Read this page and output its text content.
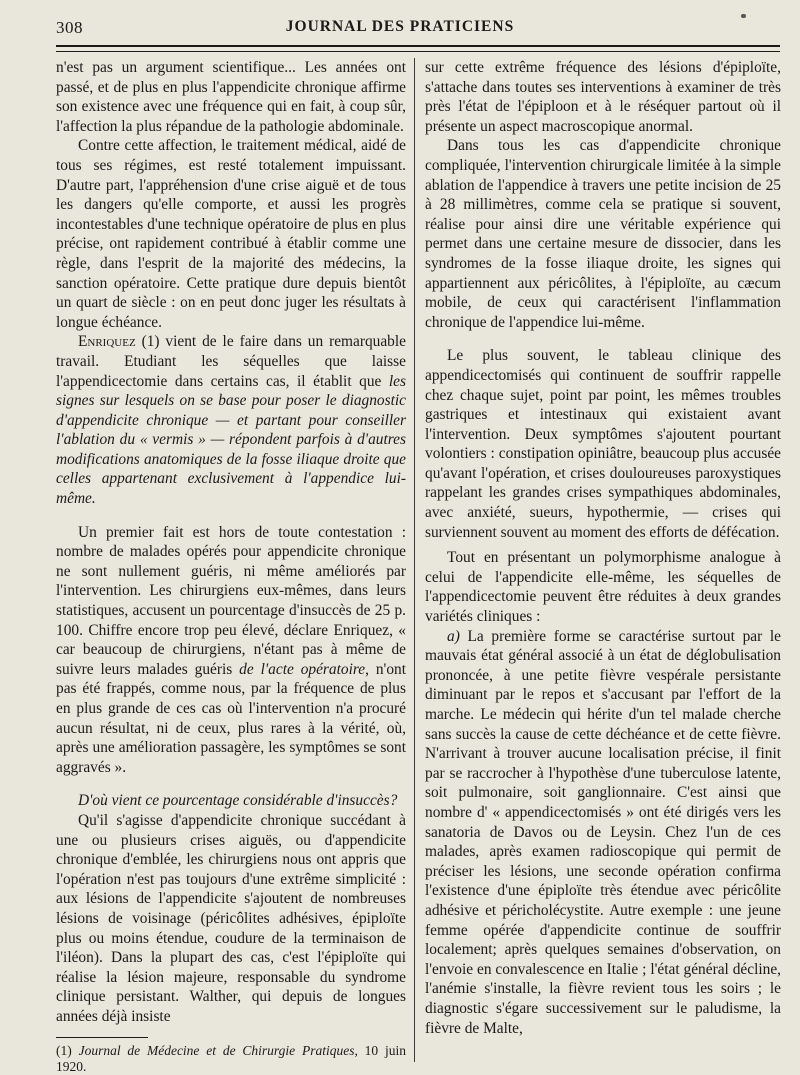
308	JOURNAL DES PRATICIENS

n'est pas un argument scientifique... Les années ont passé, et de plus en plus l'appendicite chronique affirme son existence avec une fréquence qui en fait, à coup sûr, l'affection la plus répandue de la pathologie abdominale.

Contre cette affection, le traitement médical, aidé de tous ses régimes, est resté totalement impuissant. D'autre part, l'appréhension d'une crise aiguë et de tous les dangers qu'elle comporte, et aussi les progrès incontestables d'une technique opératoire de plus en plus précise, ont rapidement contribué à établir comme une règle, dans l'esprit de la majorité des médecins, la sanction opératoire. Cette pratique dure depuis bientôt un quart de siècle : on en peut donc juger les résultats à longue échéance.

Enriquez (1) vient de le faire dans un remarquable travail. Etudiant les séquelles que laisse l'appendicectomie dans certains cas, il établit que les signes sur lesquels on se base pour poser le diagnostic d'appendicite chronique — et partant pour conseiller l'ablation du « vermis » — répondent parfois à d'autres modifications anatomiques de la fosse iliaque droite que celles appartenant exclusivement à l'appendice lui-même.

Un premier fait est hors de toute contestation : nombre de malades opérés pour appendicite chronique ne sont nullement guéris, ni même améliorés par l'intervention. Les chirurgiens eux-mêmes, dans leurs statistiques, accusent un pourcentage d'insuccès de 25 p. 100. Chiffre encore trop peu élevé, déclare Enriquez, « car beaucoup de chirurgiens, n'étant pas à même de suivre leurs malades guéris de l'acte opératoire, n'ont pas été frappés, comme nous, par la fréquence de plus en plus grande de ces cas où l'intervention n'a procuré aucun résultat, ni de ceux, plus rares à la vérité, où, après une amélioration passagère, les symptômes se sont aggravés ».

D'où vient ce pourcentage considérable d'insuccès?

Qu'il s'agisse d'appendicite chronique succédant à une ou plusieurs crises aiguës, ou d'appendicite chronique d'emblée, les chirurgiens nous ont appris que l'opération n'est pas toujours d'une extrême simplicité : aux lésions de l'appendicite s'ajoutent de nombreuses lésions de voisinage (péricôlites adhésives, épiploïte plus ou moins étendue, coudure de la terminaison de l'iléon). Dans la plupart des cas, c'est l'épiploïte qui réalise la lésion majeure, responsable du syndrome clinique persistant. Walther, qui depuis de longues années déjà insiste

(1) Journal de Médecine et de Chirurgie Pratiques, 10 juin 1920.

sur cette extrême fréquence des lésions d'épiploïte, s'attache dans toutes ses interventions à examiner de très près l'état de l'épiploon et à le réséquer partout où il présente un aspect macroscopique anormal.

Dans tous les cas d'appendicite chronique compliquée, l'intervention chirurgicale limitée à la simple ablation de l'appendice à travers une petite incision de 25 à 28 millimètres, comme cela se pratique si souvent, réalise pour ainsi dire une véritable expérience qui permet dans une certaine mesure de dissocier, dans les syndromes de la fosse iliaque droite, les signes qui appartiennent aux péricôlites, à l'épiploïte, au cæcum mobile, de ceux qui caractérisent l'inflammation chronique de l'appendice lui-même.

Le plus souvent, le tableau clinique des appendicectomisés qui continuent de souffrir rappelle chez chaque sujet, point par point, les mêmes troubles gastriques et intestinaux qui existaient avant l'intervention. Deux symptômes s'ajoutent pourtant volontiers : constipation opiniâtre, beaucoup plus accusée qu'avant l'opération, et crises douloureuses paroxystiques rappelant les grandes crises sympathiques abdominales, avec anxiété, sueurs, hypothermie, — crises qui surviennent souvent au moment des efforts de défécation.

Tout en présentant un polymorphisme analogue à celui de l'appendicite elle-même, les séquelles de l'appendicectomie peuvent être réduites à deux grandes variétés cliniques :

a) La première forme se caractérise surtout par le mauvais état général associé à un état de déglobulisation prononcée, à une petite fièvre vespérale persistante diminuant par le repos et s'accusant par l'effort de la marche. Le médecin qui hérite d'un tel malade cherche sans succès la cause de cette déchéance et de cette fièvre. N'arrivant à trouver aucune localisation précise, il finit par se raccrocher à l'hypothèse d'une tuberculose latente, soit pulmonaire, soit ganglionnaire. C'est ainsi que nombre d' « appendicectomisés » ont été dirigés vers les sanatoria de Davos ou de Leysin. Chez l'un de ces malades, après examen radioscopique qui permit de préciser les lésions, une seconde opération confirma l'existence d'une épiploïte très étendue avec péricôlite adhésive et péricholécystite. Autre exemple : une jeune femme opérée d'appendicite continue de souffrir localement; après quelques semaines d'observation, on l'envoie en convalescence en Italie ; l'état général décline, l'anémie s'installe, la fièvre revient tous les soirs ; le diagnostic s'égare successivement sur le paludisme, la fièvre de Malte,
